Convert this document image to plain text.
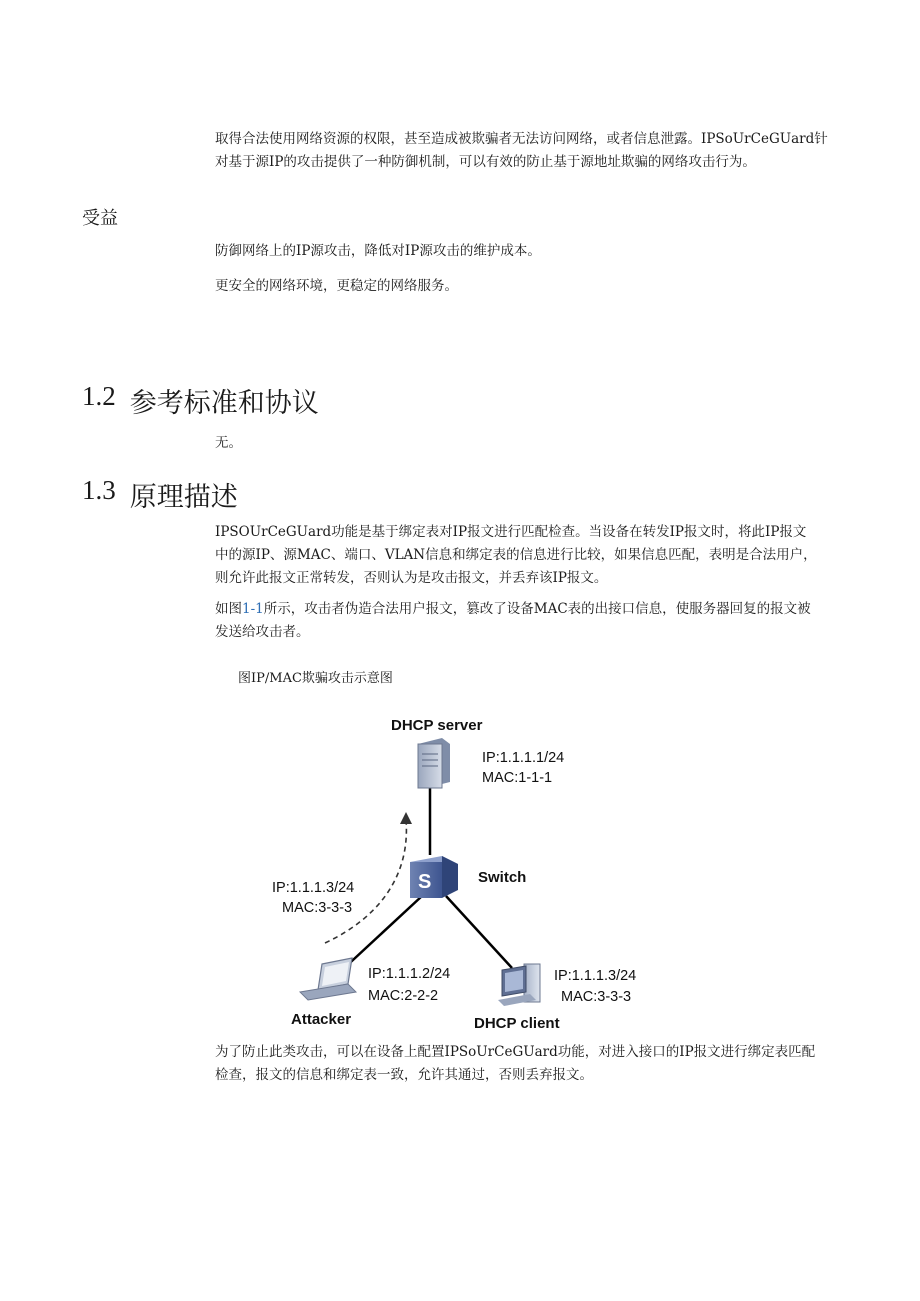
取得合法使用网络资源的权限，甚至造成被欺骗者无法访问网络，或者信息泄露。IPSoUrCeGUard针
对基于源IP的攻击提供了一种防御机制，可以有效的防止基于源地址欺骗的网络攻击行为。

受益

防御网络上的IP源攻击，降低对IP源攻击的维护成本。

更安全的网络环境，更稳定的网络服务。

1.2 参考标准和协议

无。

1.3 原理描述

IPSOUrCeGUard功能是基于绑定表对IP报文进行匹配检查。当设备在转发IP报文时，将此IP报文
中的源IP、源MAC、端口、VLAN信息和绑定表的信息进行比较，如果信息匹配，表明是合法用户，
则允许此报文正常转发，否则认为是攻击报文，并丢弃该IP报文。

如图1-1所示，攻击者伪造合法用户报文，篡改了设备MAC表的出接口信息，使服务器回复的报文被
发送给攻击者。

图IP/MAC欺骗攻击示意图

DHCP server
IP:1.1.1.1/24
MAC:1-1-1
S	Switch
IP:1.1.1.3/24
MAC:3-3-3
Attacker
IP:1.1.1.2/24
MAC:2-2-2
DHCP client
IP:1.1.1.3/24
MAC:3-3-3

为了防止此类攻击，可以在设备上配置IPSoUrCeGUard功能，对进入接口的IP报文进行绑定表匹配
检查，报文的信息和绑定表一致，允许其通过，否则丢弃报文。
